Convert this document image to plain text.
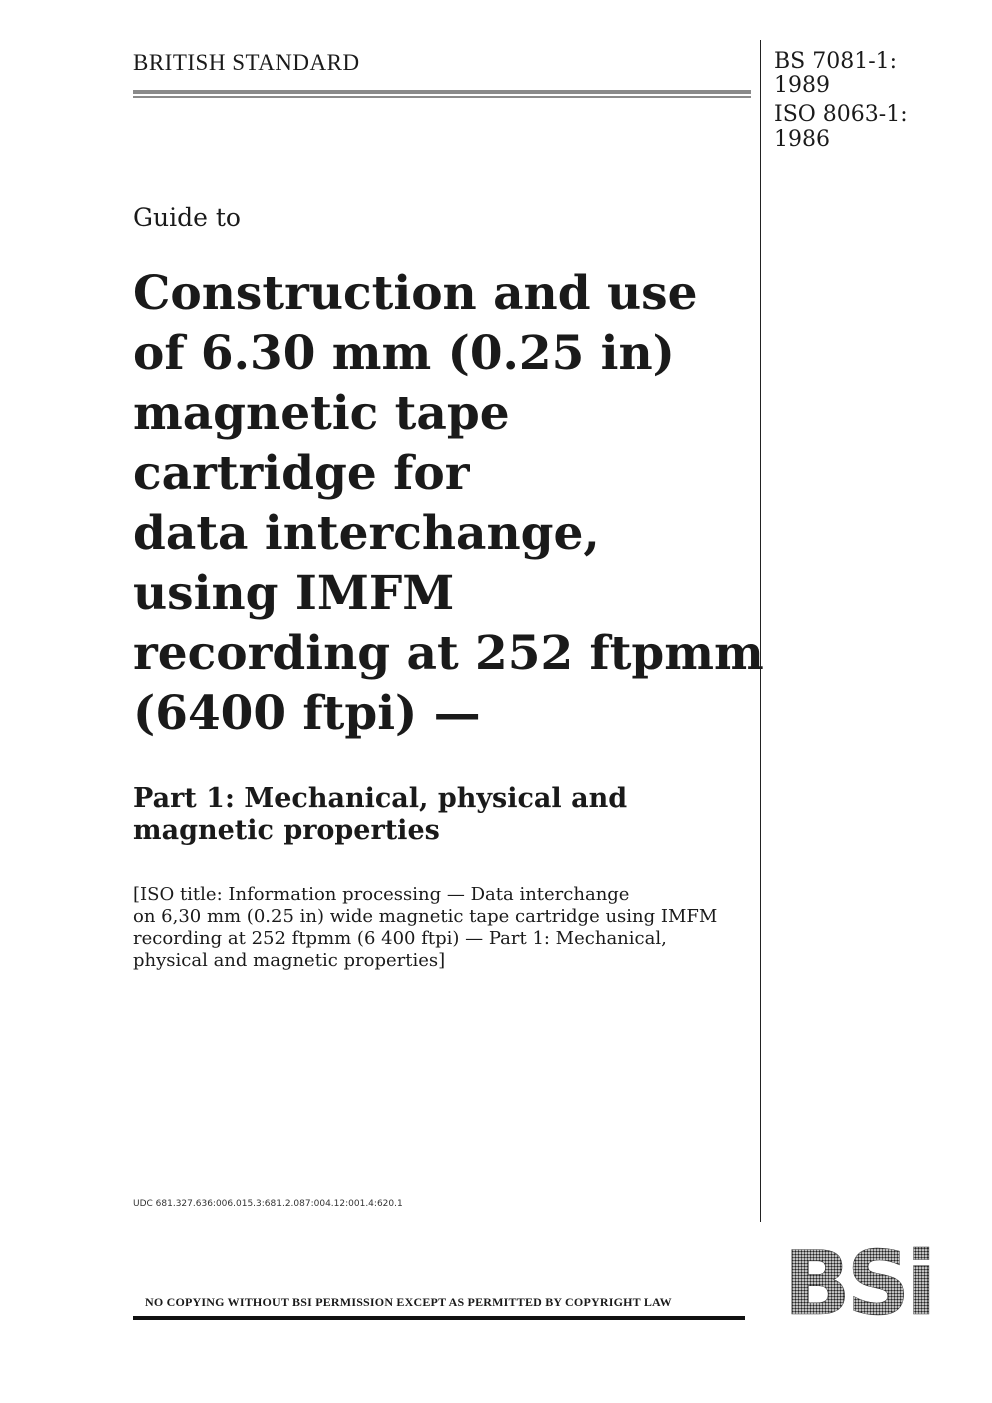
BRITISH STANDARD	BS 7081-1:
1989
ISO 8063-1:
1986
Guide to
Construction and use
of 6.30 mm (0.25 in)
magnetic tape
cartridge for
data interchange,
using IMFM
recording at 252 ftpmm
(6400 ftpi) —
Part 1: Mechanical, physical and
magnetic properties
[ISO title: Information processing — Data interchange
on 6,30 mm (0.25 in) wide magnetic tape cartridge using IMFM
recording at 252 ftpmm (6 400 ftpi) — Part 1: Mechanical,
physical and magnetic properties]
UDC 681.327.636:006.015.3:681.2.087:004.12:001.4:620.1
NO COPYING WITHOUT BSI PERMISSION EXCEPT AS PERMITTED BY COPYRIGHT LAW BSi
